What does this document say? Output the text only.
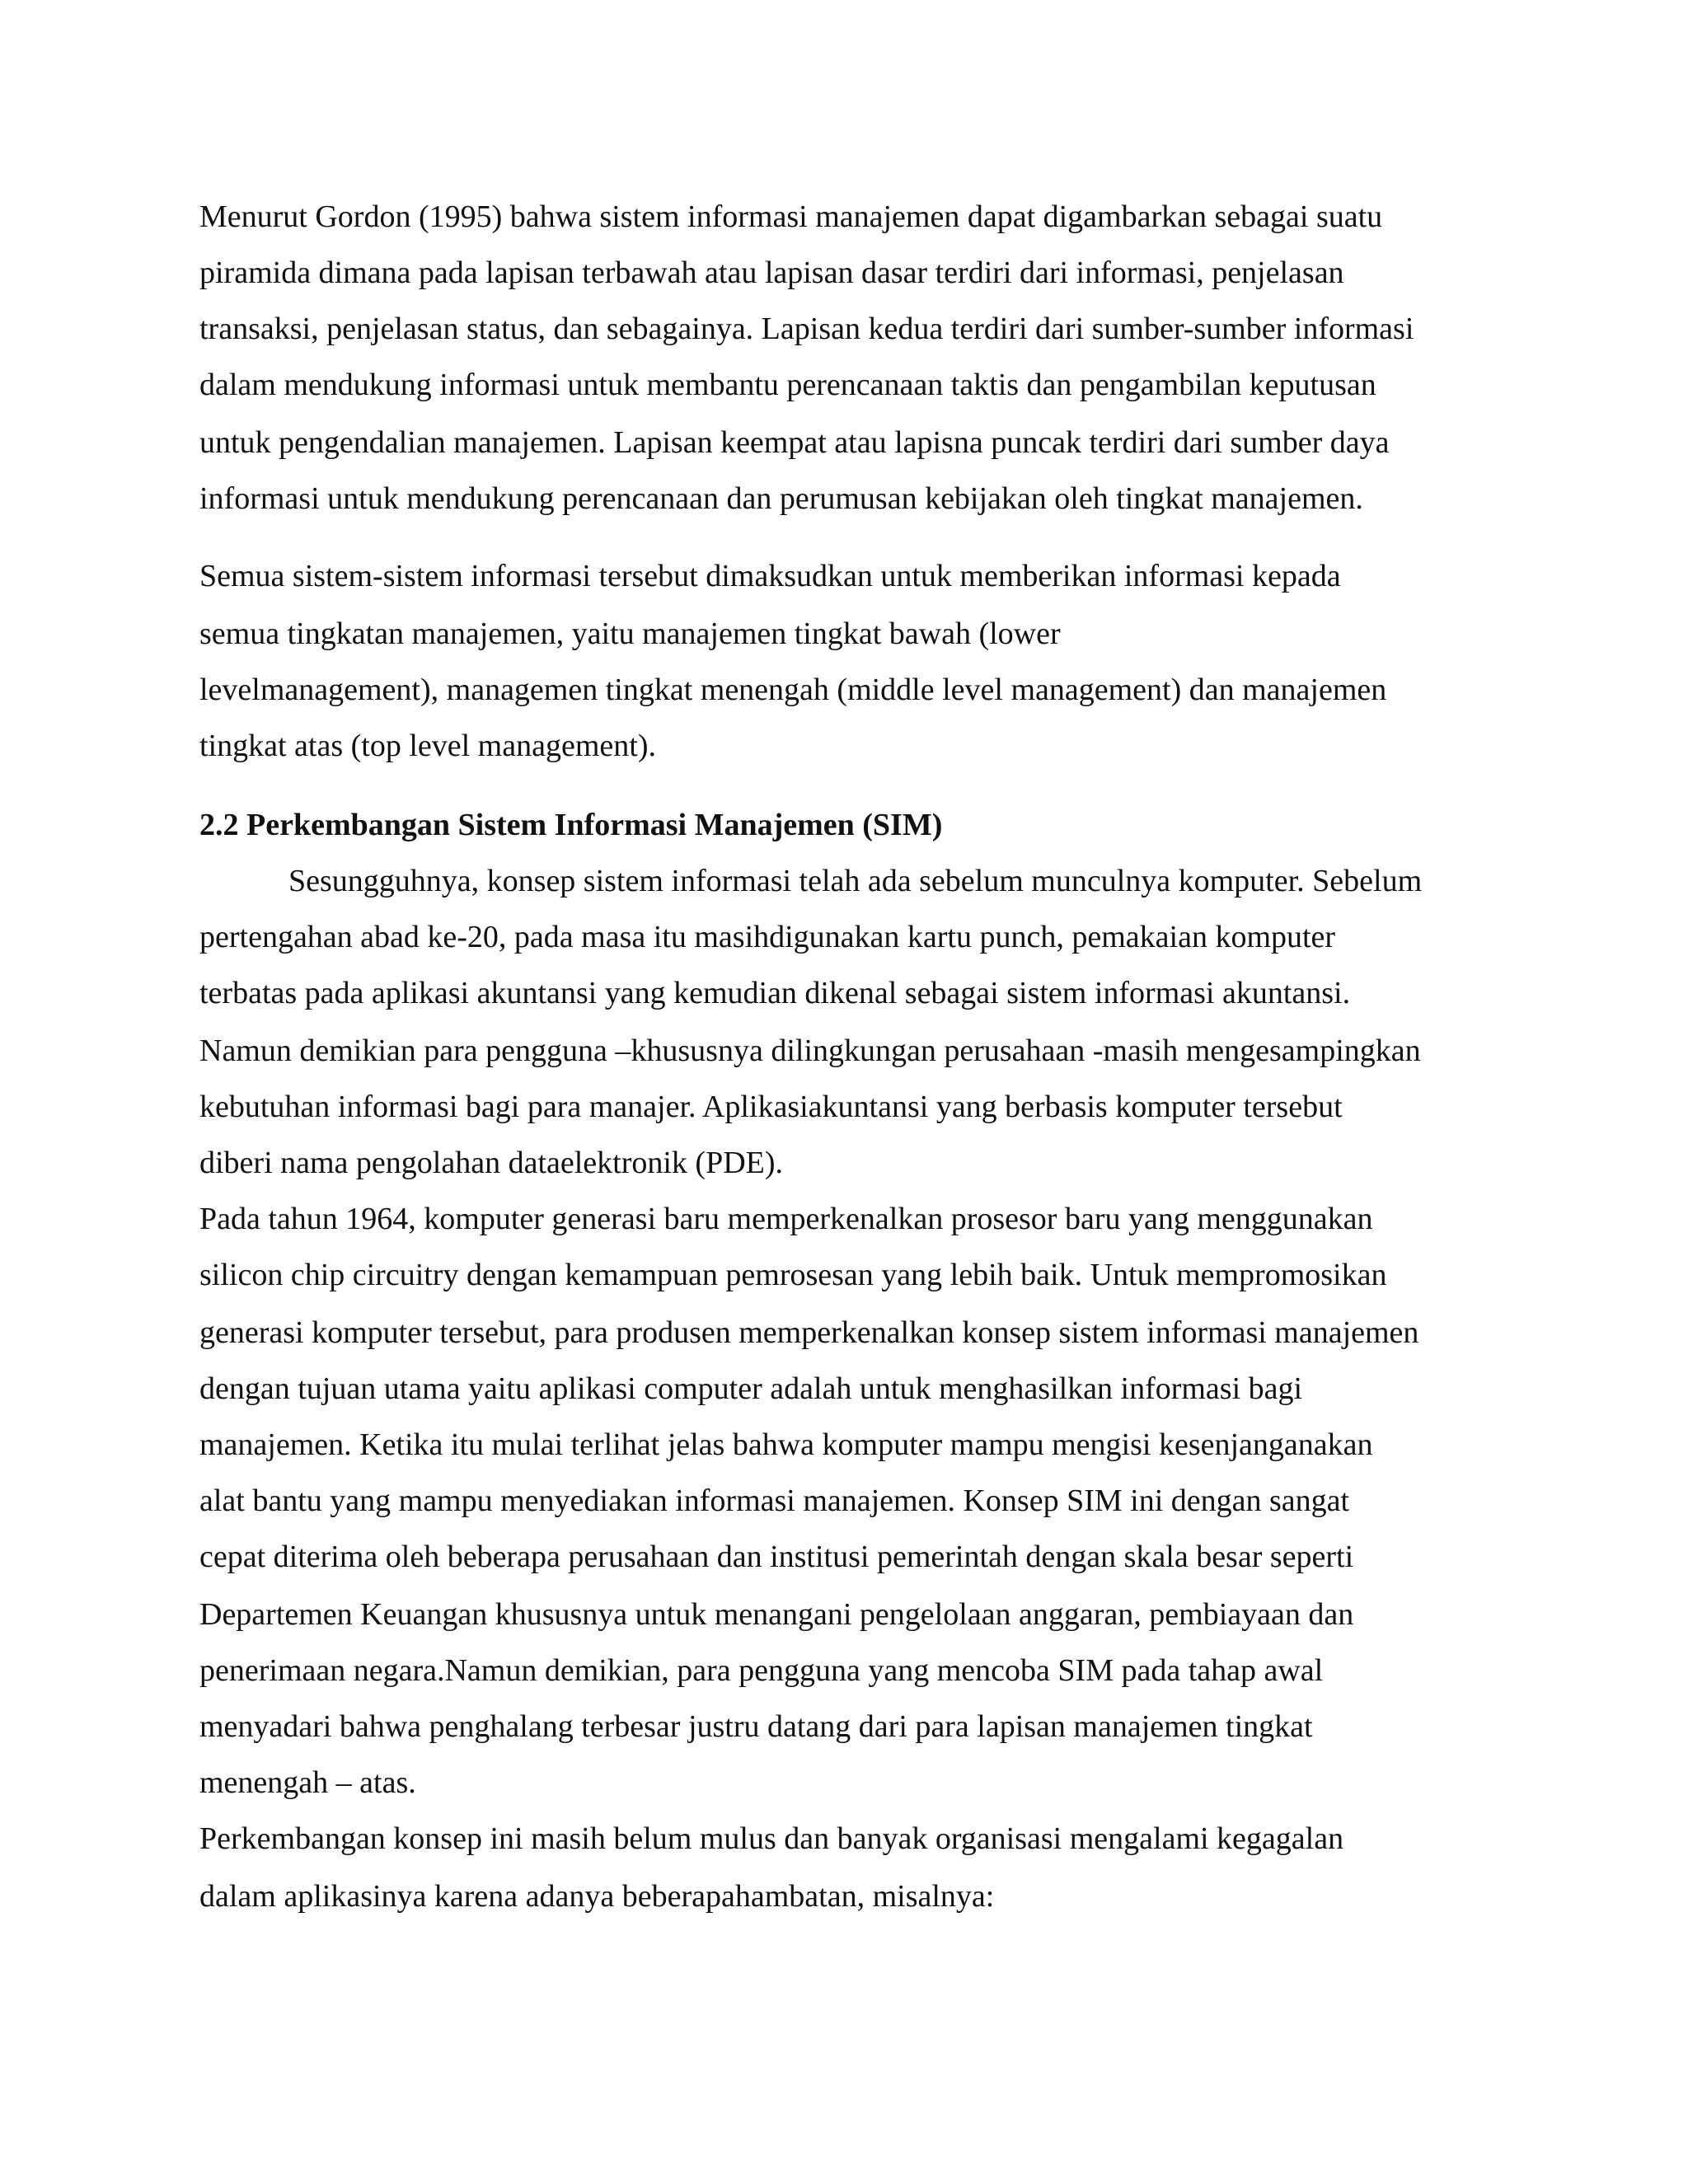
Menurut Gordon (1995) bahwa sistem informasi manajemen dapat digambarkan sebagai suatu
piramida dimana pada lapisan terbawah atau lapisan dasar terdiri dari informasi, penjelasan
transaksi, penjelasan status, dan sebagainya. Lapisan kedua terdiri dari sumber-sumber informasi
dalam mendukung informasi untuk membantu perencanaan taktis dan pengambilan keputusan
untuk pengendalian manajemen. Lapisan keempat atau lapisna puncak terdiri dari sumber daya
informasi untuk mendukung perencanaan dan perumusan kebijakan oleh tingkat manajemen.
Semua sistem-sistem informasi tersebut dimaksudkan untuk memberikan informasi kepada
semua tingkatan manajemen, yaitu manajemen tingkat bawah (lower
levelmanagement), managemen tingkat menengah (middle level management) dan manajemen
tingkat atas (top level management).
2.2 Perkembangan Sistem Informasi Manajemen (SIM)
Sesungguhnya, konsep sistem informasi telah ada sebelum munculnya komputer. Sebelum
pertengahan abad ke-20, pada masa itu masihdigunakan kartu punch, pemakaian komputer
terbatas pada aplikasi akuntansi yang kemudian dikenal sebagai sistem informasi akuntansi.
Namun demikian para pengguna –khususnya dilingkungan perusahaan -masih mengesampingkan
kebutuhan informasi bagi para manajer. Aplikasiakuntansi yang berbasis komputer tersebut
diberi nama pengolahan dataelektronik (PDE).
Pada tahun 1964, komputer generasi baru memperkenalkan prosesor baru yang menggunakan
silicon chip circuitry dengan kemampuan pemrosesan yang lebih baik. Untuk mempromosikan
generasi komputer tersebut, para produsen memperkenalkan konsep sistem informasi manajemen
dengan tujuan utama yaitu aplikasi computer adalah untuk menghasilkan informasi bagi
manajemen. Ketika itu mulai terlihat jelas bahwa komputer mampu mengisi kesenjanganakan
alat bantu yang mampu menyediakan informasi manajemen. Konsep SIM ini dengan sangat
cepat diterima oleh beberapa perusahaan dan institusi pemerintah dengan skala besar seperti
Departemen Keuangan khususnya untuk menangani pengelolaan anggaran, pembiayaan dan
penerimaan negara.Namun demikian, para pengguna yang mencoba SIM pada tahap awal
menyadari bahwa penghalang terbesar justru datang dari para lapisan manajemen tingkat
menengah – atas.
Perkembangan konsep ini masih belum mulus dan banyak organisasi mengalami kegagalan
dalam aplikasinya karena adanya beberapahambatan, misalnya:
